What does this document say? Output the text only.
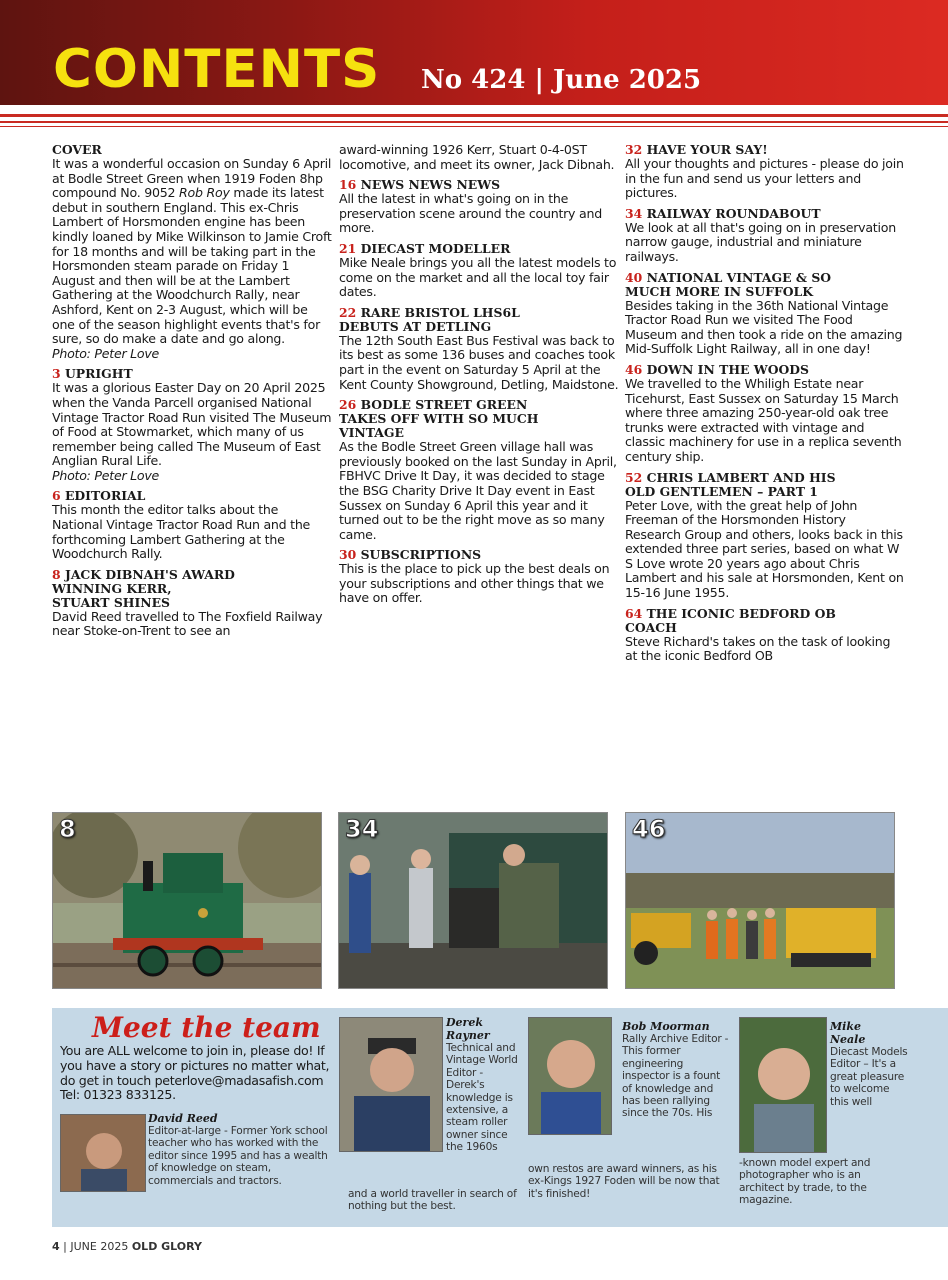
CONTENTS No 424 | June 2025
COVER
It was a wonderful occasion on Sunday 6 April at Bodle Street Green when 1919 Foden 8hp compound No. 9052 Rob Roy made its latest debut in southern England. This ex-Chris Lambert of Horsmonden engine has been kindly loaned by Mike Wilkinson to Jamie Croft for 18 months and will be taking part in the Horsmonden steam parade on Friday 1 August and then will be at the Lambert Gathering at the Woodchurch Rally, near Ashford, Kent on 2-3 August, which will be one of the season highlight events that's for sure, so do make a date and go along.
Photo: Peter Love
3 UPRIGHT
It was a glorious Easter Day on 20 April 2025 when the Vanda Parcell organised National Vintage Tractor Road Run visited The Museum of Food at Stowmarket, which many of us remember being called The Museum of East Anglian Rural Life.
Photo: Peter Love
6 EDITORIAL
This month the editor talks about the National Vintage Tractor Road Run and the forthcoming Lambert Gathering at the Woodchurch Rally.
8 JACK DIBNAH'S AWARD
WINNING KERR,
STUART SHINES
David Reed travelled to The Foxfield Railway near Stoke-on-Trent to see an
award-winning 1926 Kerr, Stuart 0-4-0ST locomotive, and meet its owner, Jack Dibnah.
16 NEWS NEWS NEWS
All the latest in what's going on in the preservation scene around the country and more.
21 DIECAST MODELLER
Mike Neale brings you all the latest models to come on the market and all the local toy fair dates.
22 RARE BRISTOL LHS6L
DEBUTS AT DETLING
The 12th South East Bus Festival was back to its best as some 136 buses and coaches took part in the event on Saturday 5 April at the Kent County Showground, Detling, Maidstone.
26 BODLE STREET GREEN
TAKES OFF WITH SO MUCH
VINTAGE
As the Bodle Street Green village hall was previously booked on the last Sunday in April, FBHVC Drive It Day, it was decided to stage the BSG Charity Drive It Day event in East Sussex on Sunday 6 April this year and it turned out to be the right move as so many came.
30 SUBSCRIPTIONS
This is the place to pick up the best deals on your subscriptions and other things that we have on offer.
32 HAVE YOUR SAY!
All your thoughts and pictures - please do join in the fun and send us your letters and pictures.
34 RAILWAY ROUNDABOUT
We look at all that's going on in preservation narrow gauge, industrial and miniature railways.
40 NATIONAL VINTAGE & SO
MUCH MORE IN SUFFOLK
Besides taking in the 36th National Vintage Tractor Road Run we visited The Food Museum and then took a ride on the amazing Mid-Suffolk Light Railway, all in one day!
46 DOWN IN THE WOODS
We travelled to the Whiligh Estate near Ticehurst, East Sussex on Saturday 15 March where three amazing 250-year-old oak tree trunks were extracted with vintage and classic machinery for use in a replica seventh century ship.
52 CHRIS LAMBERT AND HIS
OLD GENTLEMEN – PART 1
Peter Love, with the great help of John Freeman of the Horsmonden History Research Group and others, looks back in this extended three part series, based on what W S Love wrote 20 years ago about Chris Lambert and his sale at Horsmonden, Kent on 15-16 June 1955.
64 THE ICONIC BEDFORD OB
COACH
Steve Richard's takes on the task of looking at the iconic Bedford OB
8	34	46
Meet the team
You are ALL welcome to join in, please do! If you have a story or pictures no matter what, do get in touch peterlove@madasafish.com Tel: 01323 833125.
David Reed
Editor-at-large - Former York school teacher who has worked with the editor since 1995 and has a wealth of knowledge on steam, commercials and tractors.
Derek
Rayner
Technical and Vintage World Editor - Derek's knowledge is extensive, a steam roller owner since the 1960s
and a world traveller in search of nothing but the best.
Bob Moorman
Rally Archive Editor - This former engineering inspector is a fount of knowledge and has been rallying since the 70s. His
own restos are award winners, as his ex-Kings 1927 Foden will be now that it's finished!
Mike
Neale
Diecast Models Editor – It's a great pleasure to welcome this well
-known model expert and photographer who is an architect by trade, to the magazine.
4 | JUNE 2025 OLD GLORY
